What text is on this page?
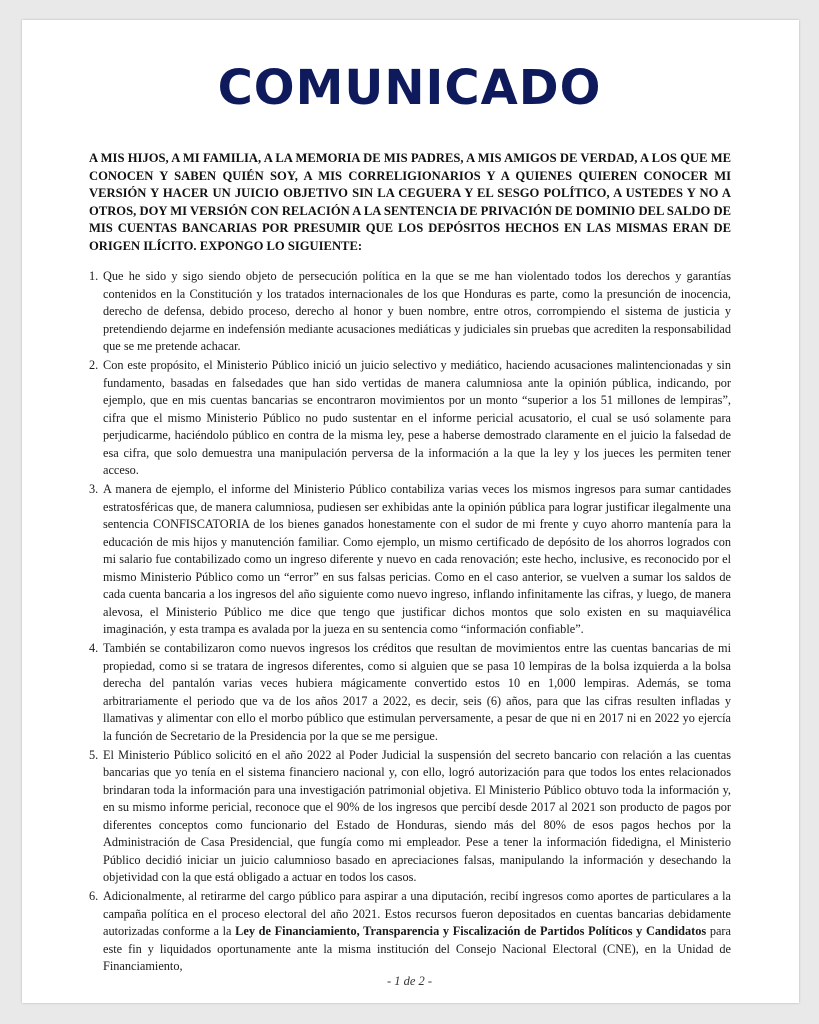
COMUNICADO
A MIS HIJOS, A MI FAMILIA, A LA MEMORIA DE MIS PADRES, A MIS AMIGOS DE VERDAD, A LOS QUE ME CONOCEN Y SABEN QUIÉN SOY, A MIS CORRELIGIONARIOS Y A QUIENES QUIEREN CONOCER MI VERSIÓN Y HACER UN JUICIO OBJETIVO SIN LA CEGUERA Y EL SESGO POLÍTICO, A USTEDES Y NO A OTROS, DOY MI VERSIÓN CON RELACIÓN A LA SENTENCIA DE PRIVACIÓN DE DOMINIO DEL SALDO DE MIS CUENTAS BANCARIAS POR PRESUMIR QUE LOS DEPÓSITOS HECHOS EN LAS MISMAS ERAN DE ORIGEN ILÍCITO. EXPONGO LO SIGUIENTE:
1. Que he sido y sigo siendo objeto de persecución política en la que se me han violentado todos los derechos y garantías contenidos en la Constitución y los tratados internacionales de los que Honduras es parte, como la presunción de inocencia, derecho de defensa, debido proceso, derecho al honor y buen nombre, entre otros, corrompiendo el sistema de justicia y pretendiendo dejarme en indefensión mediante acusaciones mediáticas y judiciales sin pruebas que acrediten la responsabilidad que se me pretende achacar.
2. Con este propósito, el Ministerio Público inició un juicio selectivo y mediático, haciendo acusaciones malintencionadas y sin fundamento, basadas en falsedades que han sido vertidas de manera calumniosa ante la opinión pública, indicando, por ejemplo, que en mis cuentas bancarias se encontraron movimientos por un monto “superior a los 51 millones de lempiras”, cifra que el mismo Ministerio Público no pudo sustentar en el informe pericial acusatorio, el cual se usó solamente para perjudicarme, haciéndolo público en contra de la misma ley, pese a haberse demostrado claramente en el juicio la falsedad de esa cifra, que solo demuestra una manipulación perversa de la información a la que la ley y los jueces les permiten tener acceso.
3. A manera de ejemplo, el informe del Ministerio Público contabiliza varias veces los mismos ingresos para sumar cantidades estratosféricas que, de manera calumniosa, pudiesen ser exhibidas ante la opinión pública para lograr justificar ilegalmente una sentencia CONFISCATORIA de los bienes ganados honestamente con el sudor de mi frente y cuyo ahorro mantenía para la educación de mis hijos y manutención familiar. Como ejemplo, un mismo certificado de depósito de los ahorros logrados con mi salario fue contabilizado como un ingreso diferente y nuevo en cada renovación; este hecho, inclusive, es reconocido por el mismo Ministerio Público como un “error” en sus falsas pericias. Como en el caso anterior, se vuelven a sumar los saldos de cada cuenta bancaria a los ingresos del año siguiente como nuevo ingreso, inflando infinitamente las cifras, y luego, de manera alevosa, el Ministerio Público me dice que tengo que justificar dichos montos que solo existen en su maquiavélica imaginación, y esta trampa es avalada por la jueza en su sentencia como “información confiable”.
4. También se contabilizaron como nuevos ingresos los créditos que resultan de movimientos entre las cuentas bancarias de mi propiedad, como si se tratara de ingresos diferentes, como si alguien que se pasa 10 lempiras de la bolsa izquierda a la bolsa derecha del pantalón varias veces hubiera mágicamente convertido estos 10 en 1,000 lempiras. Además, se toma arbitrariamente el periodo que va de los años 2017 a 2022, es decir, seis (6) años, para que las cifras resulten infladas y llamativas y alimentar con ello el morbo público que estimulan perversamente, a pesar de que ni en 2017 ni en 2022 yo ejercía la función de Secretario de la Presidencia por la que se me persigue.
5. El Ministerio Público solicitó en el año 2022 al Poder Judicial la suspensión del secreto bancario con relación a las cuentas bancarias que yo tenía en el sistema financiero nacional y, con ello, logró autorización para que todos los entes relacionados brindaran toda la información para una investigación patrimonial objetiva. El Ministerio Público obtuvo toda la información y, en su mismo informe pericial, reconoce que el 90% de los ingresos que percibí desde 2017 al 2021 son producto de pagos por diferentes conceptos como funcionario del Estado de Honduras, siendo más del 80% de esos pagos hechos por la Administración de Casa Presidencial, que fungía como mi empleador. Pese a tener la información fidedigna, el Ministerio Público decidió iniciar un juicio calumnioso basado en apreciaciones falsas, manipulando la información y desechando la objetividad con la que está obligado a actuar en todos los casos.
6. Adicionalmente, al retirarme del cargo público para aspirar a una diputación, recibí ingresos como aportes de particulares a la campaña política en el proceso electoral del año 2021. Estos recursos fueron depositados en cuentas bancarias debidamente autorizadas conforme a la Ley de Financiamiento, Transparencia y Fiscalización de Partidos Políticos y Candidatos para este fin y liquidados oportunamente ante la misma institución del Consejo Nacional Electoral (CNE), en la Unidad de Financiamiento,
- 1 de 2 -
